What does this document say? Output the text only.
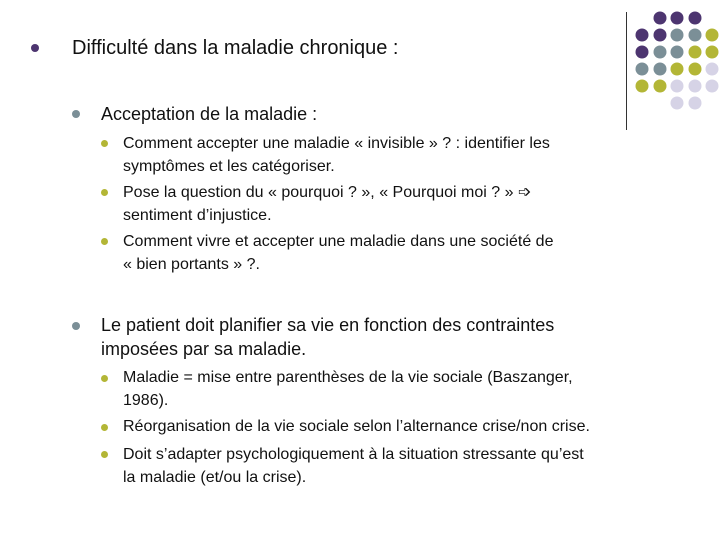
Difficulté dans la maladie chronique :
Acceptation de la maladie :
Comment accepter une maladie « invisible » ? : identifier les
symptômes et les catégoriser.
Pose la question du « pourquoi ? », « Pourquoi moi ? » ➩
sentiment d’injustice.
Comment vivre et accepter une maladie dans une société de
« bien portants » ?.
Le patient doit planifier sa vie en fonction des contraintes
imposées par sa maladie.
Maladie = mise entre parenthèses de la vie sociale (Baszanger,
1986).
Réorganisation de la vie sociale selon l’alternance crise/non crise.
Doit s’adapter psychologiquement à la situation stressante qu’est
la maladie (et/ou la crise).
